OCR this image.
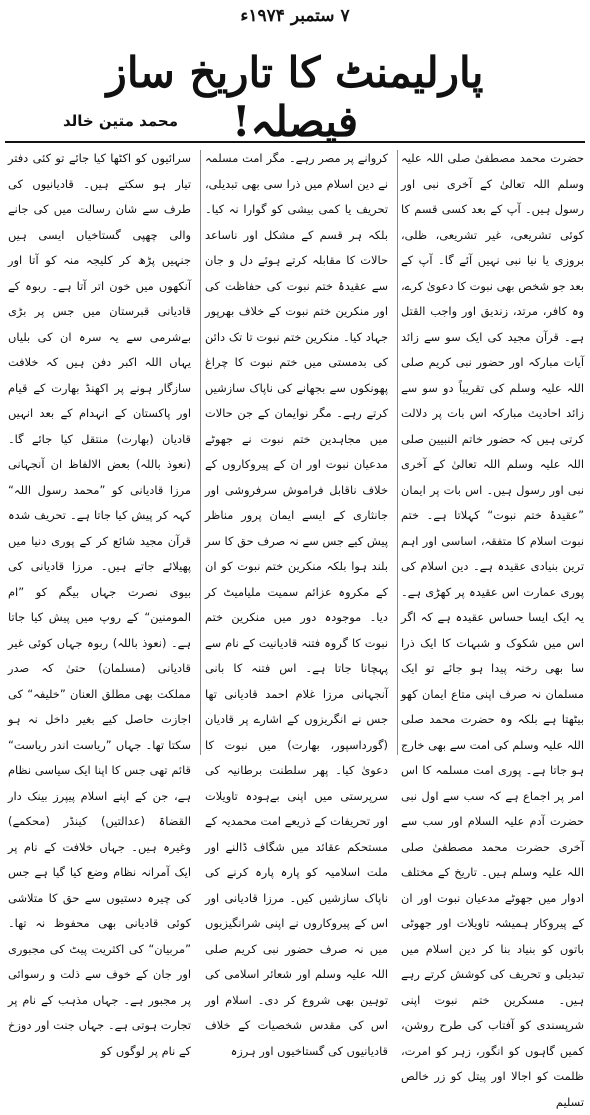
۷ ستمبر ۱۹۷۴ء
پارلیمنٹ کا تاریخ ساز فیصلہ!
محمد متین خالد

حضرت محمد مصطفیٰ صلی اللہ علیہ وسلم اللہ تعالیٰ کے آخری نبی اور رسول ہیں۔ آپ کے بعد کسی قسم کا کوئی تشریعی، غیر تشریعی، ظلی، بروزی یا نیا نبی نہیں آئے گا۔ آپ کے بعد جو شخص بھی نبوت کا دعویٰ کرے، وہ کافر، مرتد، زندیق اور واجب القتل ہے۔ قرآن مجید کی ایک سو سے زائد آیات مبارکہ اور حضور نبی کریم صلی اللہ علیہ وسلم کی تقریباً دو سو سے زائد احادیث مبارکہ اس بات پر دلالت کرتی ہیں کہ حضور خاتم النبیین صلی اللہ علیہ وسلم اللہ تعالیٰ کے آخری نبی اور رسول ہیں۔ اس بات پر ایمان ”عقیدۂ ختم نبوت“ کہلاتا ہے۔ ختم نبوت اسلام کا متفقہ، اساسی اور اہم ترین بنیادی عقیدہ ہے۔ دین اسلام کی پوری عمارت اس عقیدہ پر کھڑی ہے۔ یہ ایک ایسا حساس عقیدہ ہے کہ اگر اس میں شکوک و شبہات کا ایک ذرا سا بھی رخنہ پیدا ہو جائے تو ایک مسلمان نہ صرف اپنی متاع ایمان کھو بیٹھتا ہے بلکہ وہ حضرت محمد صلی اللہ علیہ وسلم کی امت سے بھی خارج ہو جاتا ہے۔ پوری امت مسلمہ کا اس امر پر اجماع ہے کہ سب سے اول نبی حضرت آدم علیہ السلام اور سب سے آخری حضرت محمد مصطفیٰ صلی اللہ علیہ وسلم ہیں۔ تاریخ کے مختلف ادوار میں جھوٹے مدعیان نبوت اور ان کے پیروکار ہمیشہ تاویلات اور جھوٹی باتوں کو بنیاد بنا کر دین اسلام میں تبدیلی و تحریف کی کوشش کرتے رہے ہیں۔ مسکرین ختم نبوت اپنی شرپسندی کو آفتاب کی طرح روشن، کمیں گاہوں کو انگور، زہر کو امرت، ظلمت کو اجالا اور پیتل کو زر خالص تسلیم

کروانے پر مصر رہے۔ مگر امت مسلمہ نے دین اسلام میں ذرا سی بھی تبدیلی، تحریف یا کمی بیشی کو گوارا نہ کیا۔ بلکہ ہر قسم کے مشکل اور ناساعد حالات کا مقابلہ کرتے ہوئے دل و جان سے عقیدۂ ختم نبوت کی حفاظت کی اور منکرین ختم نبوت کے خلاف بھرپور جہاد کیا۔ منکرین ختم نبوت تا تک دائن کی بدمستی میں ختم نبوت کا چراغ پھونکوں سے بجھانے کی ناپاک سازشیں کرتے رہے۔ مگر نوایمان کے جن حالات میں مجاہدین ختم نبوت نے جھوٹے مدعیان نبوت اور ان کے پیروکاروں کے خلاف ناقابل فراموش سرفروشی اور جانثاری کے ایسے ایمان پرور مناظر پیش کیے جس سے نہ صرف حق کا سر بلند ہوا بلکہ منکرین ختم نبوت کو ان کے مکروہ عزائم سمیت ملیامیٹ کر دیا۔ موجودہ دور میں منکرین ختم نبوت کا گروہ فتنہ قادیانیت کے نام سے پہچانا جاتا ہے۔ اس فتنہ کا بانی آنجہانی مرزا غلام احمد قادیانی تھا جس نے انگریزوں کے اشارے پر قادیان (گورداسپور، بھارت) میں نبوت کا دعویٰ کیا۔ پھر سلطنت برطانیہ کی سرپرستی میں اپنی بےہودہ تاویلات اور تحریفات کے ذریعے امت محمدیہ کے مستحکم عقائد میں شگاف ڈالنے اور ملت اسلامیہ کو پارہ پارہ کرنے کی ناپاک سازشیں کیں۔ مرزا قادیانی اور اس کے پیروکاروں نے اپنی شرانگیزیوں میں نہ صرف حضور نبی کریم صلی اللہ علیہ وسلم اور شعائر اسلامی کی توہین بھی شروع کر دی۔ اسلام اور اس کی مقدس شخصیات کے خلاف قادیانیوں کی گستاخیوں اور ہرزہ

سرائیوں کو اکٹھا کیا جائے تو کئی دفتر تیار ہو سکتے ہیں۔ قادیانیوں کی طرف سے شان رسالت میں کی جانے والی چھپی گستاخیاں ایسی ہیں جنہیں پڑھ کر کلیجہ منہ کو آتا اور آنکھوں میں خون اتر آتا ہے۔ ربوہ کے قادیانی قبرستان میں جس پر بڑی بےشرمی سے یہ سرہ ان کی بلیاں یہاں اللہ اکبر دفن ہیں کہ خلافت سازگار ہونے پر اکھنڈ بھارت کے قیام اور پاکستان کے انہدام کے بعد انہیں قادیان (بھارت) منتقل کیا جائے گا۔ (نعوذ باللہ) بعض الالفاظ ان آنجہانی مرزا قادیانی کو ”محمد رسول اللہ“ کہہ کر پیش کیا جاتا ہے۔ تحریف شدہ قرآن مجید شائع کر کے پوری دنیا میں پھیلائے جاتے ہیں۔ مرزا قادیانی کی بیوی نصرت جہاں بیگم کو ”ام المومنین“ کے روپ میں پیش کیا جاتا ہے۔ (نعوذ باللہ) ربوہ جہاں کوئی غیر قادیانی (مسلمان) حتیٰ کہ صدر مملکت بھی مطلق العنان ”خلیفہ“ کی اجازت حاصل کیے بغیر داخل نہ ہو سکتا تھا۔ جہاں ”ریاست اندر ریاست“ قائم تھی جس کا اپنا ایک سیاسی نظام ہے، جن کے اپنے اسلام پیپرز بینک دار القضاۃ (عدالتیں) کینڈر (محکمے) وغیرہ ہیں۔ جہاں خلافت کے نام پر ایک آمرانہ نظام وضع کیا گیا ہے جس کی چیرہ دستیوں سے حق کا متلاشی کوئی قادیانی بھی محفوظ نہ تھا۔ ”مربیان“ کی اکثریت پیٹ کی مجبوری اور جان کے خوف سے ذلت و رسوائی پر مجبور ہے۔ جہاں مذہب کے نام پر تجارت ہوتی ہے۔ جہاں جنت اور دوزخ کے نام پر لوگوں کو
